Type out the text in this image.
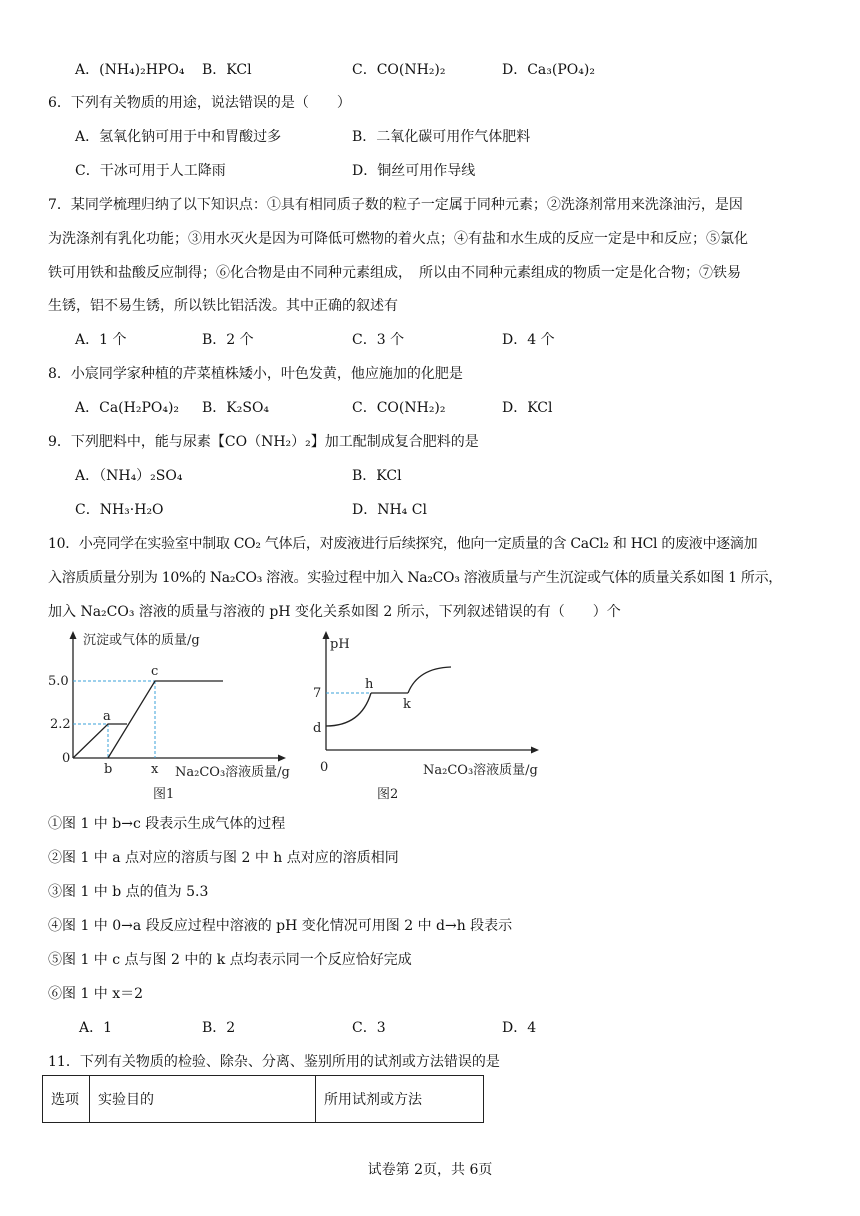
A．(NH₄)₂HPO₄ B．KCl	C．CO(NH₂)₂	D．Ca₃(PO₄)₂
6．下列有关物质的用途，说法错误的是（　　）
A．氢氧化钠可用于中和胃酸过多	B．二氧化碳可用作气体肥料
C．干冰可用于人工降雨	D．铜丝可用作导线
7．某同学梳理归纳了以下知识点：①具有相同质子数的粒子一定属于同种元素；②洗涤剂常用来洗涤油污，是因
为洗涤剂有乳化功能；③用水灭火是因为可降低可燃物的着火点；④有盐和水生成的反应一定是中和反应；⑤氯化
铁可用铁和盐酸反应制得；⑥化合物是由不同种元素组成，　所以由不同种元素组成的物质一定是化合物；⑦铁易
生锈，铝不易生锈，所以铁比铝活泼。其中正确的叙述有
A．1 个	B．2 个	C．3 个	D．4 个
8．小宸同学家种植的芹菜植株矮小，叶色发黄，他应施加的化肥是
A．Ca(H₂PO₄)₂ B．K₂SO₄	C．CO(NH₂)₂	D．KCl
9．下列肥料中，能与尿素【CO（NH₂）₂】加工配制成复合肥料的是
A．（NH₄）₂SO₄	B．KCl
C．NH₃·H₂O	D．NH₄ Cl
10．小亮同学在实验室中制取 CO₂ 气体后，对废液进行后续探究，他向一定质量的含 CaCl₂ 和 HCl 的废液中逐滴加
入溶质质量分别为 10%的 Na₂CO₃ 溶液。实验过程中加入 Na₂CO₃ 溶液质量与产生沉淀或气体的质量关系如图 1 所示，
加入 Na₂CO₃ 溶液的质量与溶液的 pH 变化关系如图 2 所示，下列叙述错误的有（　　）个
沉淀或气体的质量/g
5.0
2.2
0
a
c
b	x Na₂CO₃溶液质量/g
图1
pH
7
d
h
k
0	Na₂CO₃溶液质量/g
图2
①图 1 中 b→c 段表示生成气体的过程
②图 1 中 a 点对应的溶质与图 2 中 h 点对应的溶质相同
③图 1 中 b 点的值为 5.3
④图 1 中 0→a 段反应过程中溶液的 pH 变化情况可用图 2 中 d→h 段表示
⑤图 1 中 c 点与图 2 中的 k 点均表示同一个反应恰好完成
⑥图 1 中 x＝2
A．1	B．2	C．3	D．4
11．下列有关物质的检验、除杂、分离、鉴别所用的试剂或方法错误的是
选项	实验目的	所用试剂或方法
试卷第 2页，共 6页
